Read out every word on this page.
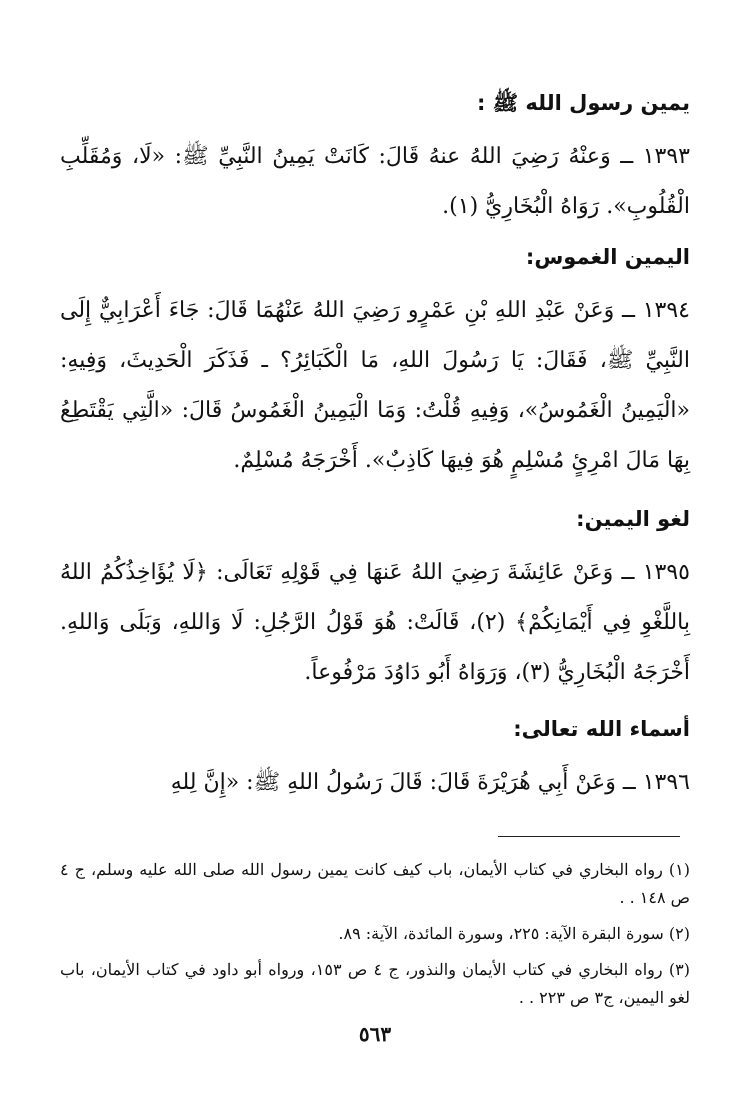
يمين رسول الله ﷺ :

١٣٩٣ ــ وَعنْهُ رَضِيَ اللهُ عنهُ قَالَ: كَانَتْ يَمِينُ النَّبِيِّ ﷺ: «لَا، وَمُقَلِّبِ الْقُلُوبِ». رَوَاهُ الْبُخَارِيُّ (١).

اليمين الغموس:

١٣٩٤ ــ وَعَنْ عَبْدِ اللهِ بْنِ عَمْرٍو رَضِيَ اللهُ عَنْهُمَا قَالَ: جَاءَ أَعْرَابِيٌّ إِلَى النَّبِيِّ ﷺ، فَقَالَ: يَا رَسُولَ اللهِ، مَا الْكَبَائِرُ؟ ـ فَذَكَرَ الْحَدِيثَ، وَفِيهِ: «الْيَمِينُ الْغَمُوسُ»، وَفِيهِ قُلْتُ: وَمَا الْيَمِينُ الْغَمُوسُ قَالَ: «الَّتِي يَقْتَطِعُ بِهَا مَالَ امْرِئٍ مُسْلِمٍ هُوَ فِيهَا كَاذِبٌ». أَخْرَجَهُ مُسْلِمٌ.

لغو اليمين:

١٣٩٥ ــ وَعَنْ عَائِشَةَ رَضِيَ اللهُ عَنهَا فِي قَوْلِهِ تَعَالَى: ﴿لَا يُؤَاخِذُكُمُ اللهُ بِاللَّغْوِ فِي أَيْمَانِكُمْ﴾ (٢)، قَالَتْ: هُوَ قَوْلُ الرَّجُلِ: لَا وَاللهِ، وَبَلَى وَاللهِ. أَخْرَجَهُ الْبُخَارِيُّ (٣)، وَرَوَاهُ أَبُو دَاوُدَ مَرْفُوعاً.

أسماء الله تعالى:

١٣٩٦ ــ وَعَنْ أَبِي هُرَيْرَةَ قَالَ: قَالَ رَسُولُ اللهِ ﷺ: «إِنَّ لِلهِ

(١) رواه البخاري في كتاب الأيمان، باب كيف كانت يمين رسول الله صلى الله عليه وسلم، ج ٤ ص ١٤٨ . .

(٢) سورة البقرة الآية: ٢٢٥، وسورة المائدة، الآية: ٨٩.

(٣) رواه البخاري في كتاب الأيمان والنذور، ج ٤ ص ١٥٣، ورواه أبو داود في كتاب الأيمان، باب لغو اليمين، ج٣ ص ٢٢٣ . .

٥٦٣
